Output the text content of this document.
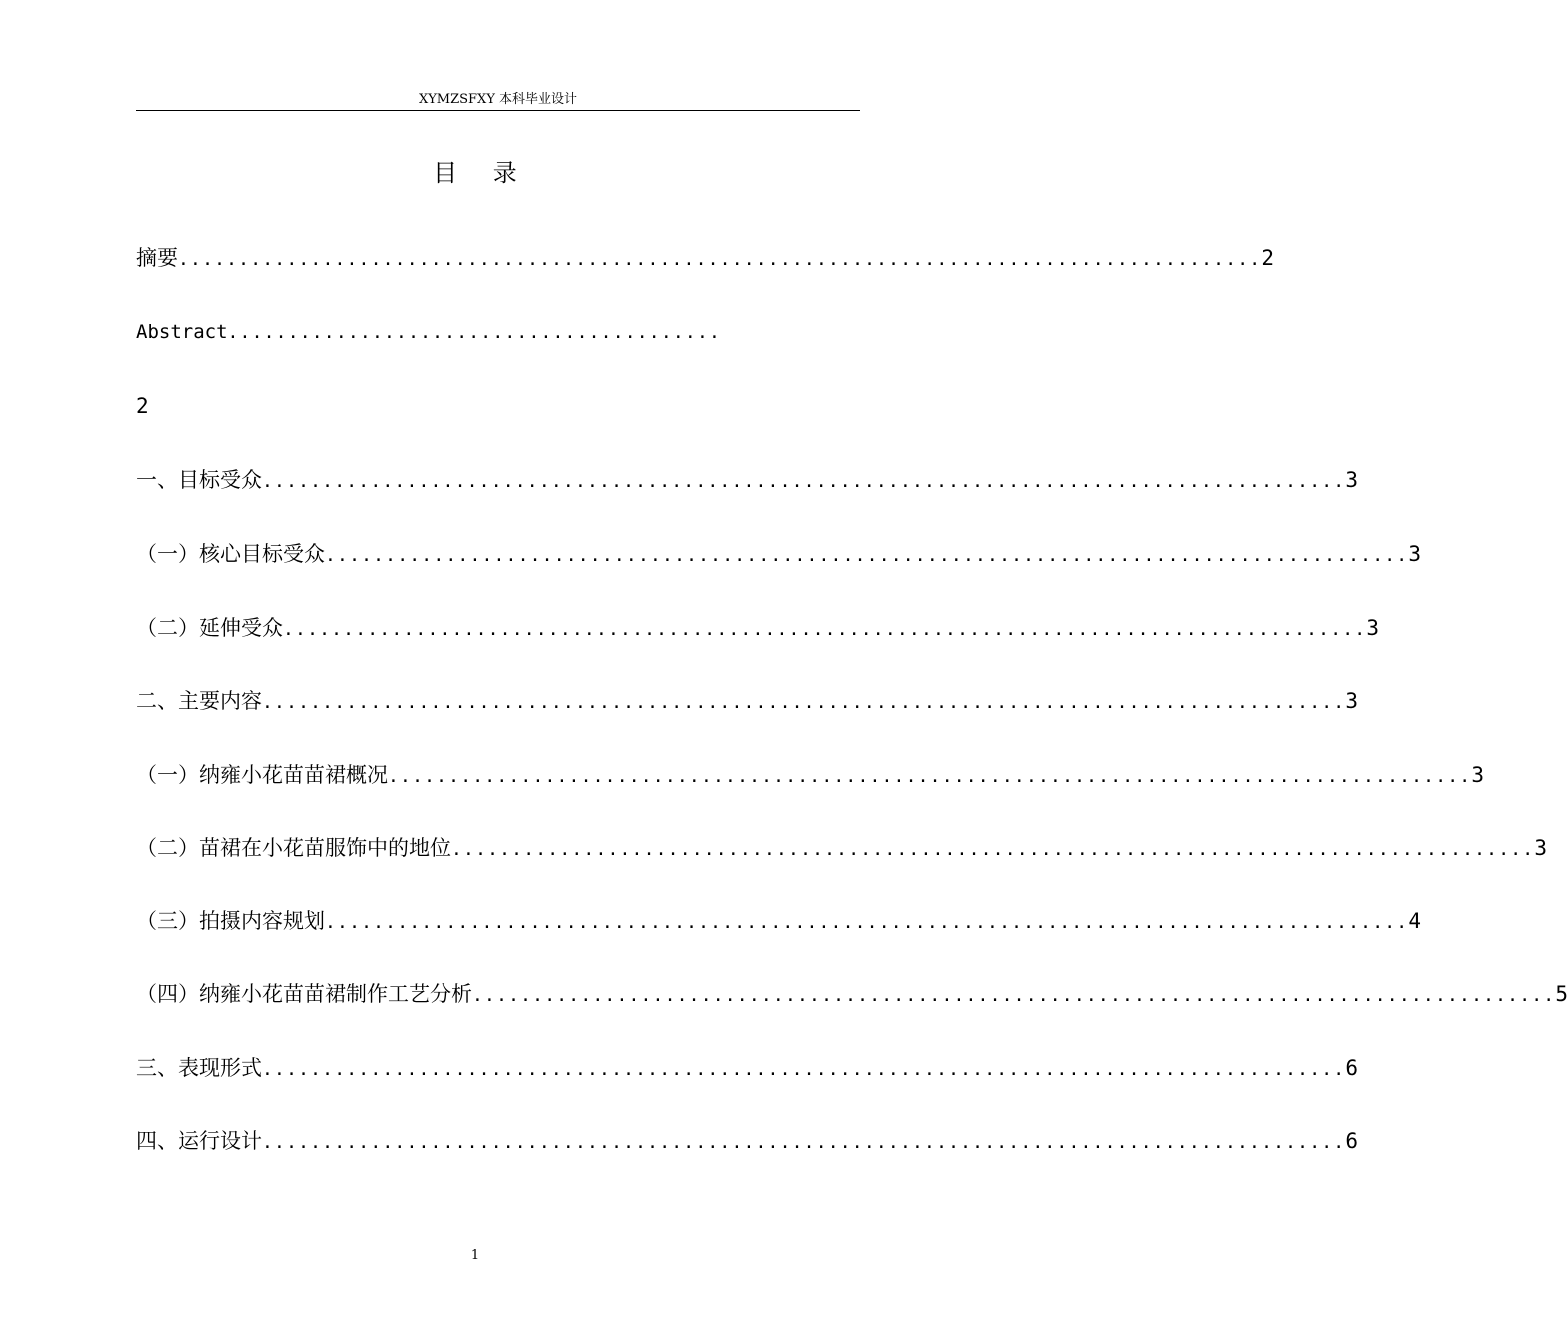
XYMZSFXY 本科毕业设计
目 录
摘要 .......................................................................................... 2
Abstract .........................................
2
一、目标受众 .......................................................................................... 3
（一）核心目标受众 .......................................................................................... 3
（二）延伸受众 .......................................................................................... 3
二、主要内容 .......................................................................................... 3
（一）纳雍小花苗苗裙概况 .......................................................................................... 3
（二）苗裙在小花苗服饰中的地位 .......................................................................................... 3
（三）拍摄内容规划 .......................................................................................... 4
（四）纳雍小花苗苗裙制作工艺分析 .......................................................................................... 5
三、表现形式 .......................................................................................... 6
四、运行设计 .......................................................................................... 6
1
